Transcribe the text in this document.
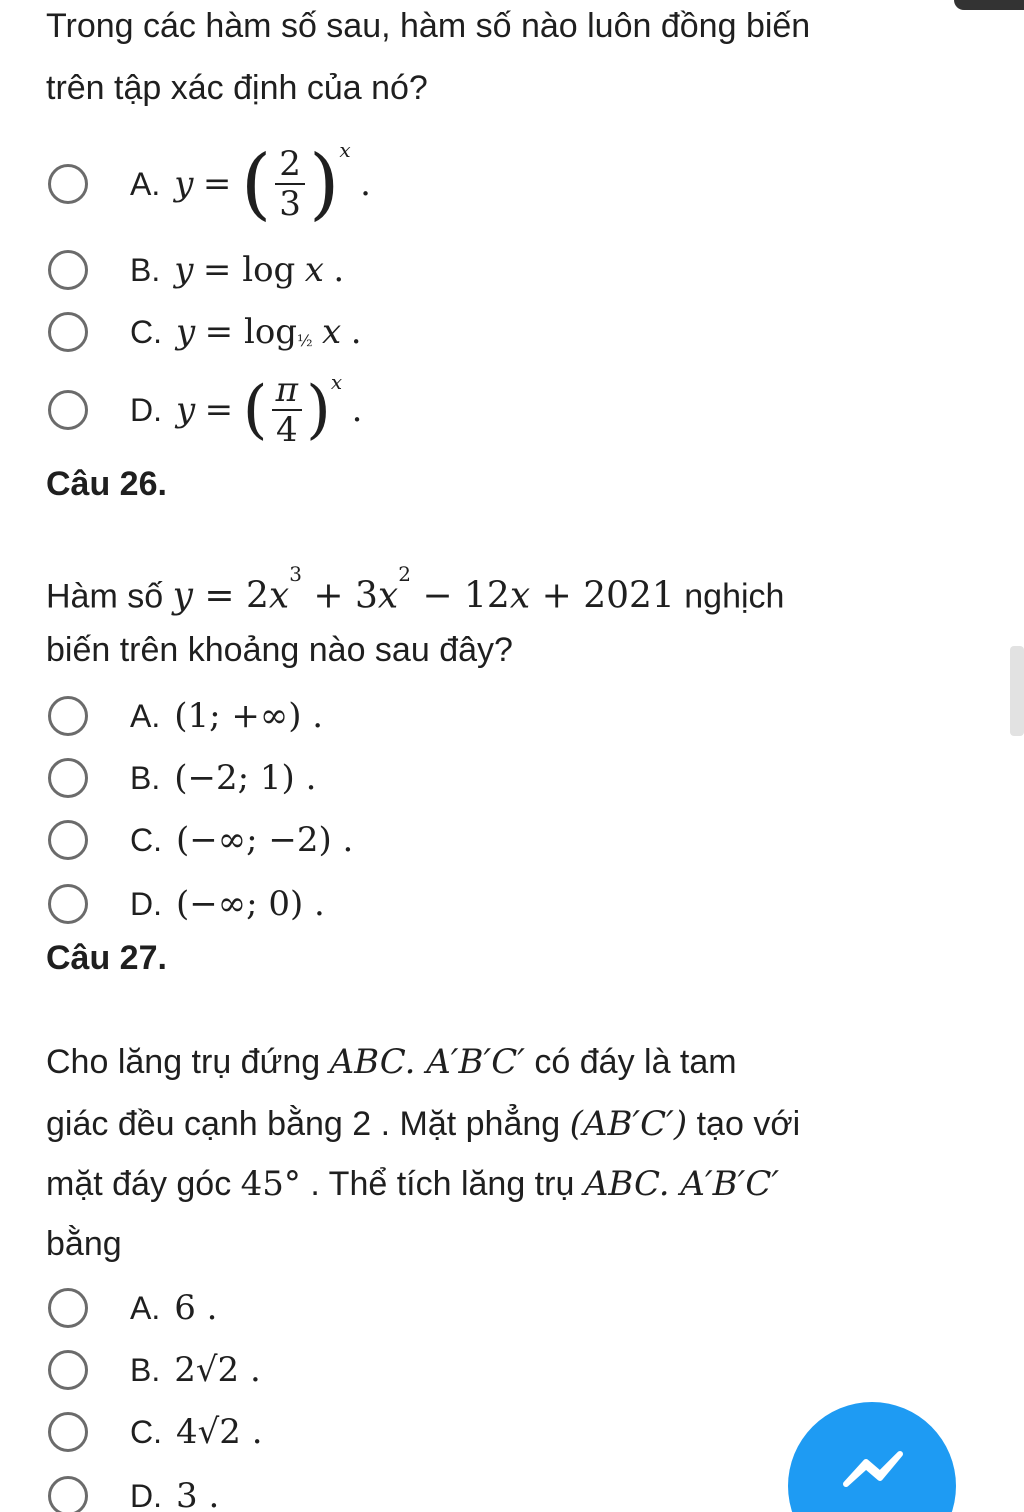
Trong các hàm số sau, hàm số nào luôn đồng biến
trên tập xác định của nó?
A. y
=
( $\frac{2}{3} )^x$

.
B. y
= log
x
.
C. y
= $\log_{\frac{1}{2}}$
x
.
D. y
=
( $\frac{\pi}{4} )^x$

.
Câu 26.
Hàm số $y = 2x^3 + 3x^2 - 12x + 2021$ nghịch
biến trên khoảng nào sau đây?
A. (1; +∞) .
B. (−2; 1) .
C. (−∞; −2) .
D. (−∞; 0) .
Câu 27.
Cho lăng trụ đứng ABC. A′B′C′ có đáy là tam
giác đều cạnh bằng 2 . Mặt phẳng (AB′C′) tạo với
mặt đáy góc 45° . Thể tích lăng trụ ABC. A′B′C′
bằng
A. 6 .
B. 2√2 .
C. 4√2 .
D. 3 .
